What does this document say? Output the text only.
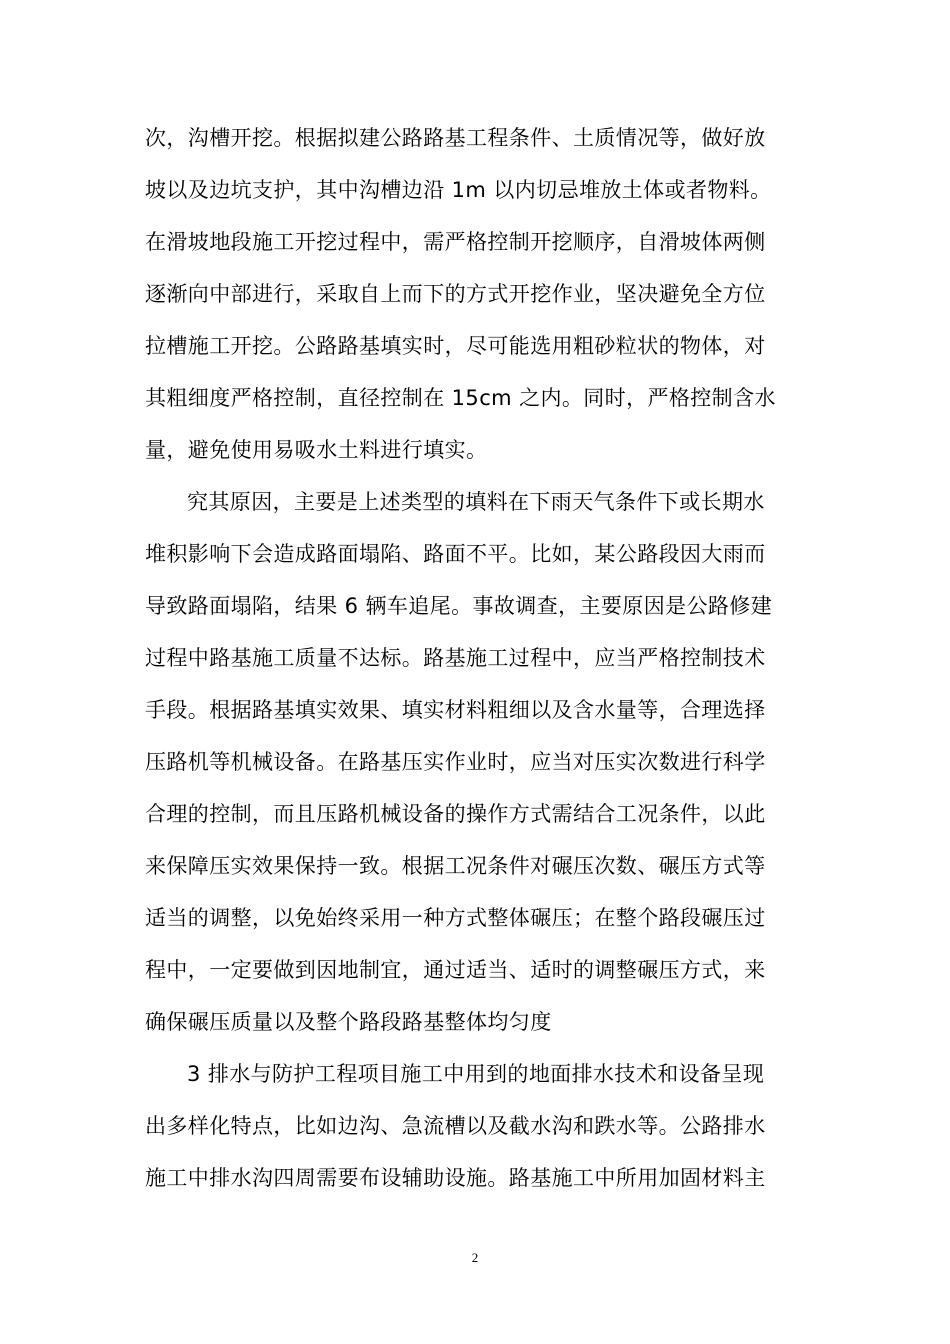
次，沟槽开挖。根据拟建公路路基工程条件、土质情况等，做好放
坡以及边坑支护，其中沟槽边沿 1m 以内切忌堆放土体或者物料。
在滑坡地段施工开挖过程中，需严格控制开挖顺序，自滑坡体两侧
逐渐向中部进行，采取自上而下的方式开挖作业，坚决避免全方位
拉槽施工开挖。公路路基填实时，尽可能选用粗砂粒状的物体，对
其粗细度严格控制，直径控制在 15cm 之内。同时，严格控制含水
量，避免使用易吸水土料进行填实。
究其原因，主要是上述类型的填料在下雨天气条件下或长期水
堆积影响下会造成路面塌陷、路面不平。比如，某公路段因大雨而
导致路面塌陷，结果 6 辆车追尾。事故调查，主要原因是公路修建
过程中路基施工质量不达标。路基施工过程中，应当严格控制技术
手段。根据路基填实效果、填实材料粗细以及含水量等，合理选择
压路机等机械设备。在路基压实作业时，应当对压实次数进行科学
合理的控制，而且压路机械设备的操作方式需结合工况条件，以此
来保障压实效果保持一致。根据工况条件对碾压次数、碾压方式等
适当的调整，以免始终采用一种方式整体碾压；在整个路段碾压过
程中，一定要做到因地制宜，通过适当、适时的调整碾压方式，来
确保碾压质量以及整个路段路基整体均匀度
3 排水与防护工程项目施工中用到的地面排水技术和设备呈现
出多样化特点，比如边沟、急流槽以及截水沟和跌水等。公路排水
施工中排水沟四周需要布设辅助设施。路基施工中所用加固材料主
2
